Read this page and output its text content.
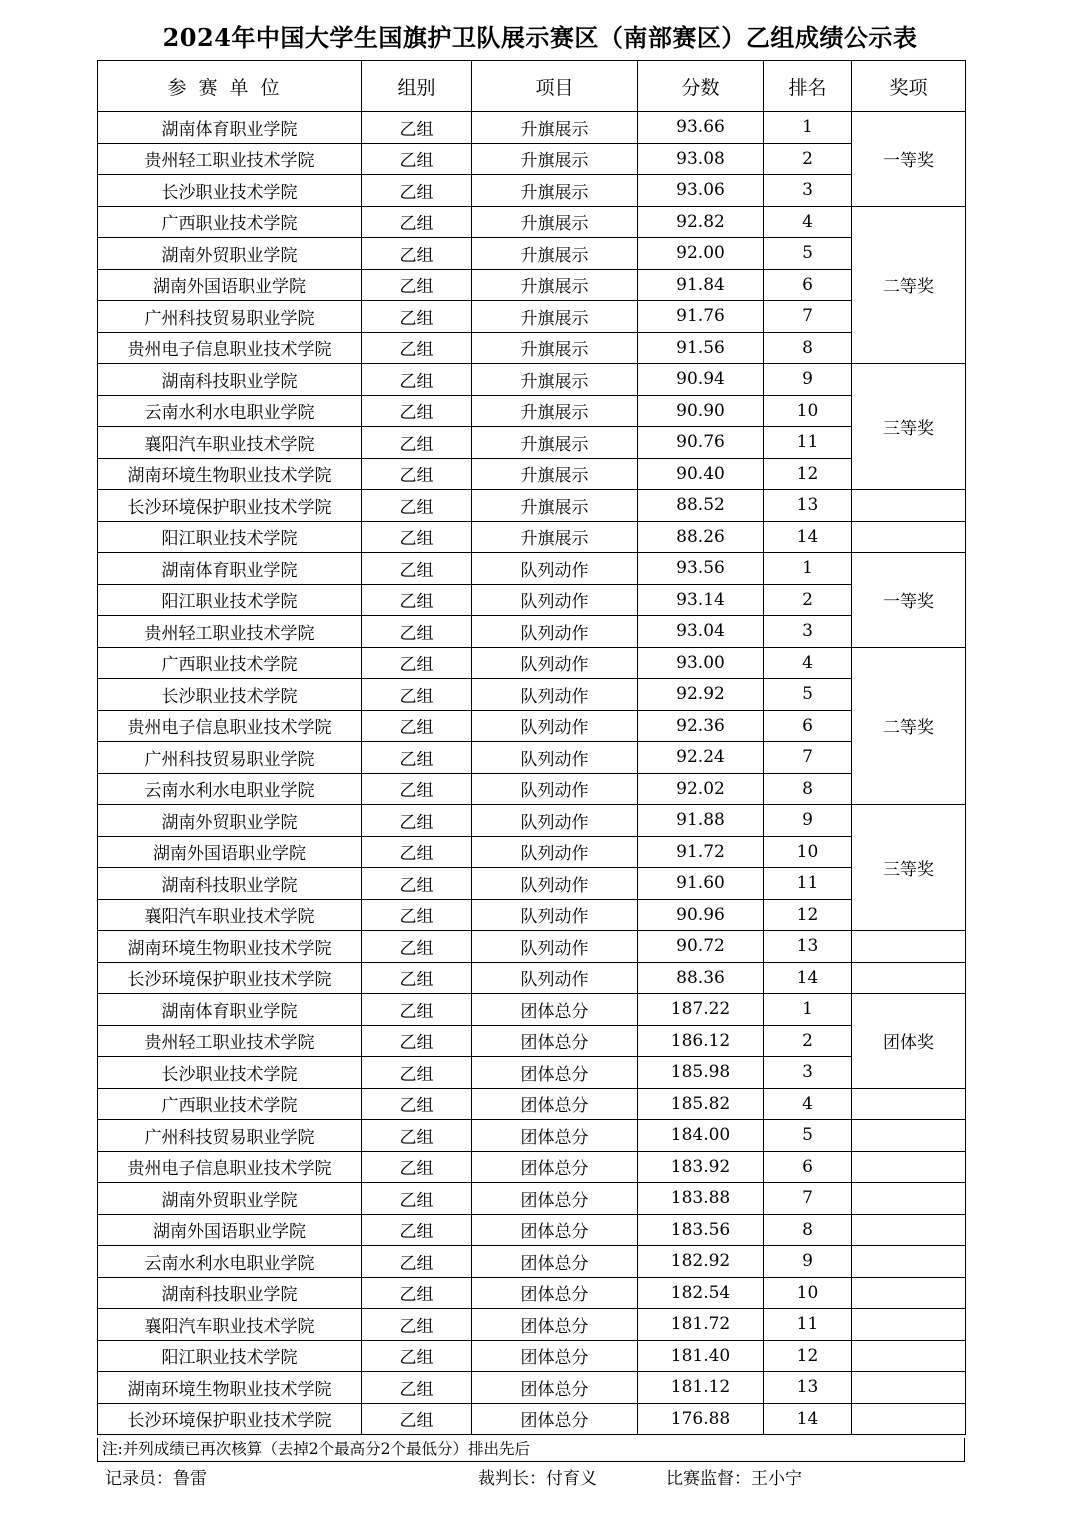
2024年中国大学生国旗护卫队展示赛区（南部赛区）乙组成绩公示表
参赛单位	组别	项目	分数	排名	奖项
湖南体育职业学院	乙组	升旗展示	93.66	1	一等奖
贵州轻工职业技术学院	乙组	升旗展示	93.08	2	
长沙职业技术学院	乙组	升旗展示	93.06	3	
广西职业技术学院	乙组	升旗展示	92.82	4	二等奖
湖南外贸职业学院	乙组	升旗展示	92.00	5	
湖南外国语职业学院	乙组	升旗展示	91.84	6	
广州科技贸易职业学院	乙组	升旗展示	91.76	7	
贵州电子信息职业技术学院	乙组	升旗展示	91.56	8	
湖南科技职业学院	乙组	升旗展示	90.94	9	三等奖
云南水利水电职业学院	乙组	升旗展示	90.90	10	
襄阳汽车职业技术学院	乙组	升旗展示	90.76	11	
湖南环境生物职业技术学院	乙组	升旗展示	90.40	12	
长沙环境保护职业技术学院	乙组	升旗展示	88.52	13	
阳江职业技术学院	乙组	升旗展示	88.26	14	
湖南体育职业学院	乙组	队列动作	93.56	1	一等奖
阳江职业技术学院	乙组	队列动作	93.14	2	
贵州轻工职业技术学院	乙组	队列动作	93.04	3	
广西职业技术学院	乙组	队列动作	93.00	4	二等奖
长沙职业技术学院	乙组	队列动作	92.92	5	
贵州电子信息职业技术学院	乙组	队列动作	92.36	6	
广州科技贸易职业学院	乙组	队列动作	92.24	7	
云南水利水电职业学院	乙组	队列动作	92.02	8	
湖南外贸职业学院	乙组	队列动作	91.88	9	三等奖
湖南外国语职业学院	乙组	队列动作	91.72	10	
湖南科技职业学院	乙组	队列动作	91.60	11	
襄阳汽车职业技术学院	乙组	队列动作	90.96	12	
湖南环境生物职业技术学院	乙组	队列动作	90.72	13	
长沙环境保护职业技术学院	乙组	队列动作	88.36	14	
湖南体育职业学院	乙组	团体总分	187.22	1	团体奖
贵州轻工职业技术学院	乙组	团体总分	186.12	2	
长沙职业技术学院	乙组	团体总分	185.98	3	
广西职业技术学院	乙组	团体总分	185.82	4	
广州科技贸易职业学院	乙组	团体总分	184.00	5	
贵州电子信息职业技术学院	乙组	团体总分	183.92	6	
湖南外贸职业学院	乙组	团体总分	183.88	7	
湖南外国语职业学院	乙组	团体总分	183.56	8	
云南水利水电职业学院	乙组	团体总分	182.92	9	
湖南科技职业学院	乙组	团体总分	182.54	10	
襄阳汽车职业技术学院	乙组	团体总分	181.72	11	
阳江职业技术学院	乙组	团体总分	181.40	12	
湖南环境生物职业技术学院	乙组	团体总分	181.12	13	
长沙环境保护职业技术学院	乙组	团体总分	176.88	14	
注:并列成绩已再次核算（去掉2个最高分2个最低分）排出先后
记录员：鲁雷	裁判长：付育义	比赛监督：王小宁
